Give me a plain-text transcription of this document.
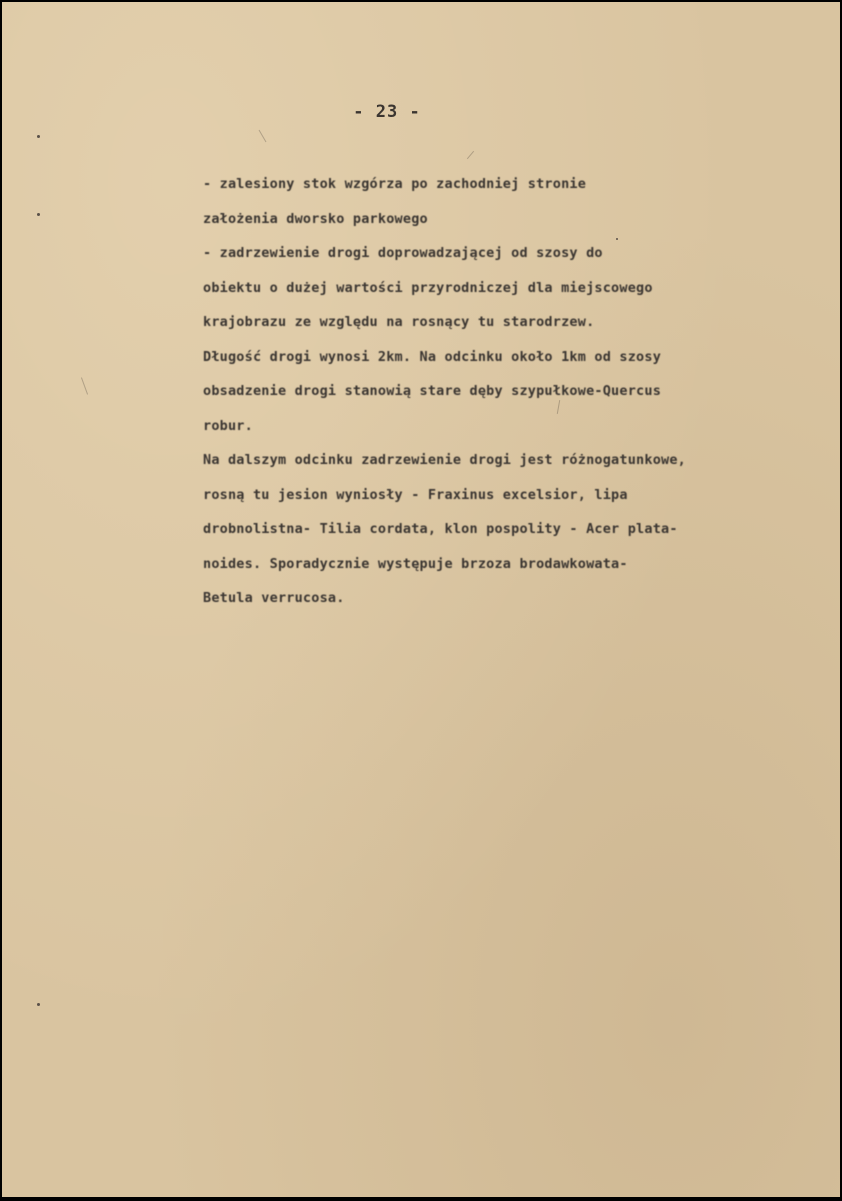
- 23 -
- zalesiony stok wzgórza po zachodniej stronie
założenia dworsko parkowego
- zadrzewienie drogi doprowadzającej od szosy do
obiektu o dużej wartości przyrodniczej dla miejscowego
krajobrazu ze względu na rosnący tu starodrzew.
Długość drogi wynosi 2km. Na odcinku około 1km od szosy
obsadzenie drogi stanowią stare dęby szypułkowe-Quercus
robur.
Na dalszym odcinku zadrzewienie drogi jest różnogatunkowe,
rosną tu jesion wyniosły - Fraxinus excelsior, lipa
drobnolistna- Tilia cordata, klon pospolity - Acer plata-
noides. Sporadycznie występuje brzoza brodawkowata-
Betula verrucosa.
